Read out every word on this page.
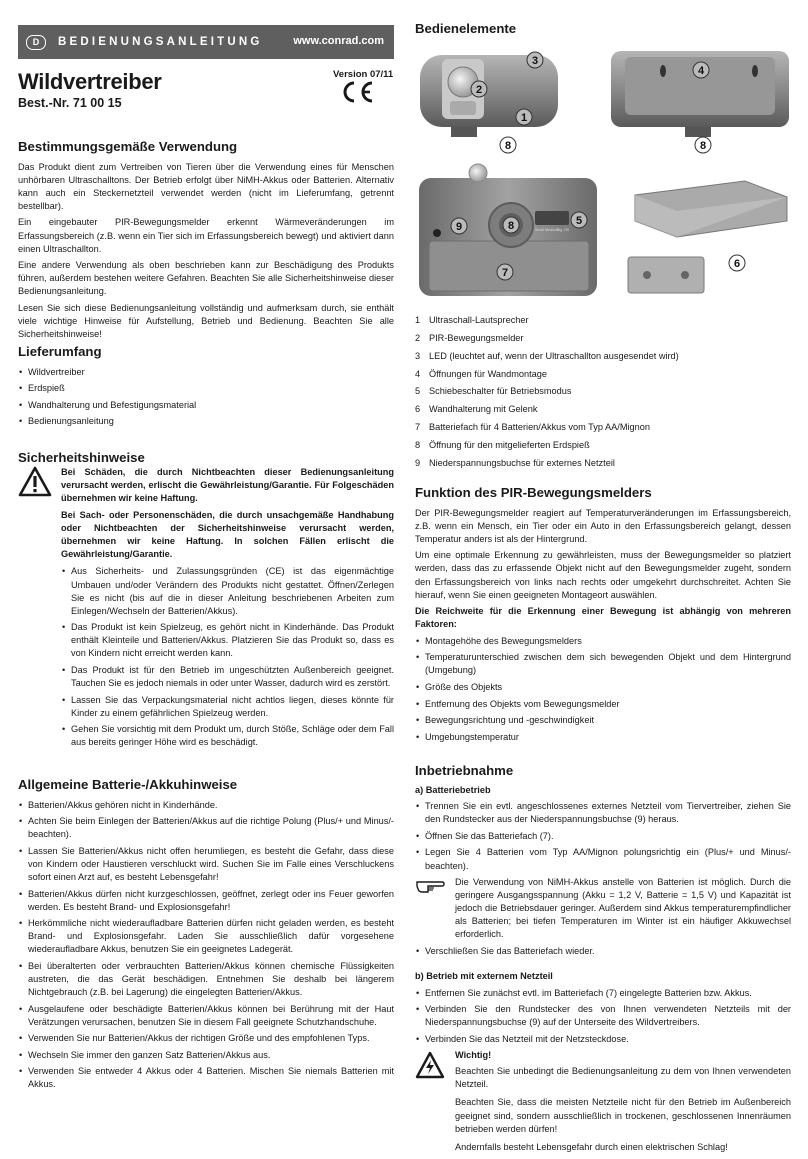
D	BEDIENUNGSANLEITUNG	www.conrad.com
Wildvertreiber
Best.-Nr. 71 00 15
Version 07/11
Bestimmungsgemäße Verwendung

Das Produkt dient zum Vertreiben von Tieren über die Verwendung eines für Menschen unhörbaren Ultraschalltons. Der Betrieb erfolgt über NiMH-Akkus oder Batterien. Alternativ kann auch ein Steckernetzteil verwendet werden (nicht im Lieferumfang, getrennt bestellbar).

Ein eingebauter PIR-Bewegungsmelder erkennt Wärmeveränderungen im Erfassungsbereich (z.B. wenn ein Tier sich im Erfassungsbereich bewegt) und aktiviert dann einen Ultraschallton.

Eine andere Verwendung als oben beschrieben kann zur Beschädigung des Produkts führen, außerdem bestehen weitere Gefahren. Beachten Sie alle Sicherheitshinweise dieser Bedienungsanleitung.

Lesen Sie sich diese Bedienungsanleitung vollständig und aufmerksam durch, sie enthält viele wichtige Hinweise für Aufstellung, Betrieb und Bedienung. Beachten Sie alle Sicherheitshinweise!

Lieferumfang
• Wildvertreiber
• Erdspieß
• Wandhalterung und Befestigungsmaterial
• Bedienungsanleitung
Sicherheitshinweise

Bei Schäden, die durch Nichtbeachten dieser Bedienungsanleitung verursacht werden, erlischt die Gewährleistung/Garantie. Für Folgeschäden übernehmen wir keine Haftung.

Bei Sach- oder Personenschäden, die durch unsachgemäße Handhabung oder Nichtbeachten der Sicherheitshinweise verursacht werden, übernehmen wir keine Haftung. In solchen Fällen erlischt die Gewährleistung/Garantie.

• Aus Sicherheits- und Zulassungsgründen (CE) ist das eigenmächtige Umbauen und/oder Verändern des Produkts nicht gestattet. Öffnen/Zerlegen Sie es nicht (bis auf die in dieser Anleitung beschriebenen Arbeiten zum Einlegen/Wechseln der Batterien/Akkus).
• Das Produkt ist kein Spielzeug, es gehört nicht in Kinderhände. Das Produkt enthält Kleinteile und Batterien/Akkus. Platzieren Sie das Produkt so, dass es von Kindern nicht erreicht werden kann.
• Das Produkt ist für den Betrieb im ungeschützten Außenbereich geeignet. Tauchen Sie es jedoch niemals in oder unter Wasser, dadurch wird es zerstört.
• Lassen Sie das Verpackungsmaterial nicht achtlos liegen, dieses könnte für Kinder zu einem gefährlichen Spielzeug werden.
• Gehen Sie vorsichtig mit dem Produkt um, durch Stöße, Schläge oder dem Fall aus bereits geringer Höhe wird es beschädigt.
Allgemeine Batterie-/Akkuhinweise
• Batterien/Akkus gehören nicht in Kinderhände.
• Achten Sie beim Einlegen der Batterien/Akkus auf die richtige Polung (Plus/+ und Minus/- beachten).
• Lassen Sie Batterien/Akkus nicht offen herumliegen, es besteht die Gefahr, dass diese von Kindern oder Haustieren verschluckt wird. Suchen Sie im Falle eines Verschluckens sofort einen Arzt auf, es besteht Lebensgefahr!
• Batterien/Akkus dürfen nicht kurzgeschlossen, geöffnet, zerlegt oder ins Feuer geworfen werden. Es besteht Brand- und Explosionsgefahr!
• Herkömmliche nicht wiederaufladbare Batterien dürfen nicht geladen werden, es besteht Brand- und Explosionsgefahr. Laden Sie ausschließlich dafür vorgesehene wiederaufladbare Akkus, benutzen Sie ein geeignetes Ladegerät.
• Bei überalterten oder verbrauchten Batterien/Akkus können chemische Flüssigkeiten austreten, die das Gerät beschädigen. Entnehmen Sie deshalb bei längerem Nichtgebrauch (z.B. bei Lagerung) die eingelegten Batterien/Akkus.
• Ausgelaufene oder beschädigte Batterien/Akkus können bei Berührung mit der Haut Verätzungen verursachen, benutzen Sie in diesem Fall geeignete Schutzhandschuhe.
• Verwenden Sie nur Batterien/Akkus der richtigen Größe und des empfohlenen Typs.
• Wechseln Sie immer den ganzen Satz Batterien/Akkus aus.
• Verwenden Sie entweder 4 Akkus oder 4 Batterien. Mischen Sie niemals Batterien mit Akkus.
Bedienelemente
3
2
1
8
4
8
9	8	5
7
6
Small Medium Big Off
1 Ultraschall-Lautsprecher
2 PIR-Bewegungsmelder
3 LED (leuchtet auf, wenn der Ultraschallton ausgesendet wird)
4 Öffnungen für Wandmontage
5 Schiebeschalter für Betriebsmodus
6 Wandhalterung mit Gelenk
7 Batteriefach für 4 Batterien/Akkus vom Typ AA/Mignon
8 Öffnung für den mitgelieferten Erdspieß
9 Niederspannungsbuchse für externes Netzteil
Funktion des PIR-Bewegungsmelders

Der PIR-Bewegungsmelder reagiert auf Temperaturveränderungen im Erfassungsbereich, z.B. wenn ein Mensch, ein Tier oder ein Auto in den Erfassungsbereich gelangt, dessen Temperatur anders ist als der Hintergrund.

Um eine optimale Erkennung zu gewährleisten, muss der Bewegungsmelder so platziert werden, dass das zu erfassende Objekt nicht auf den Bewegungsmelder zugeht, sondern den Erfassungsbereich von links nach rechts oder umgekehrt durchschreitet. Achten Sie hierauf, wenn Sie einen geeigneten Montageort auswählen.

Die Reichweite für die Erkennung einer Bewegung ist abhängig von mehreren Faktoren:

• Montagehöhe des Bewegungsmelders
• Temperaturunterschied zwischen dem sich bewegenden Objekt und dem Hintergrund (Umgebung)
• Größe des Objekts
• Entfernung des Objekts vom Bewegungsmelder
• Bewegungsrichtung und -geschwindigkeit
• Umgebungstemperatur
Inbetriebnahme

a) Batteriebetrieb

• Trennen Sie ein evtl. angeschlossenes externes Netzteil vom Tiervertreiber, ziehen Sie den Rundstecker aus der Niederspannungsbuchse (9) heraus.
• Öffnen Sie das Batteriefach (7).
• Legen Sie 4 Batterien vom Typ AA/Mignon polungsrichtig ein (Plus/+ und Minus/- beachten).

Die Verwendung von NiMH-Akkus anstelle von Batterien ist möglich. Durch die geringere Ausgangsspannung (Akku = 1,2 V, Batterie = 1,5 V) und Kapazität ist jedoch die Betriebsdauer geringer. Außerdem sind Akkus temperaturempfindlicher als Batterien; bei tiefen Temperaturen im Winter ist ein häufiger Akkuwechsel erforderlich.

• Verschließen Sie das Batteriefach wieder.

b) Betrieb mit externem Netzteil

• Entfernen Sie zunächst evtl. im Batteriefach (7) eingelegte Batterien bzw. Akkus.
• Verbinden Sie den Rundstecker des von Ihnen verwendeten Netzteils mit der Niederspannungsbuchse (9) auf der Unterseite des Wildvertreibers.
• Verbinden Sie das Netzteil mit der Netzsteckdose.

Wichtig!

Beachten Sie unbedingt die Bedienungsanleitung zu dem von Ihnen verwendeten Netzteil.

Beachten Sie, dass die meisten Netzteile nicht für den Betrieb im Außenbereich geeignet sind, sondern ausschließlich in trockenen, geschlossenen Innenräumen betrieben werden dürfen!

Andernfalls besteht Lebensgefahr durch einen elektrischen Schlag!
